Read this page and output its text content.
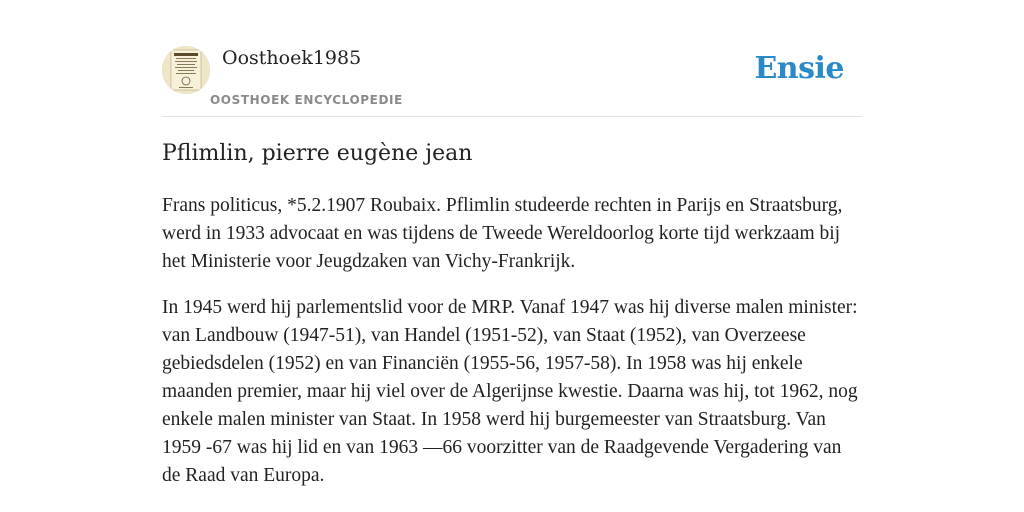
Oosthoek1985
OOSTHOEK ENCYCLOPEDIE
Ensie
Pflimlin, pierre eugène jean

Frans politicus, *5.2.1907 Roubaix. Pflimlin studeerde rechten in Parijs en Straatsburg, werd in 1933 advocaat en was tijdens de Tweede Wereldoorlog korte tijd werkzaam bij het Ministerie voor Jeugdzaken van Vichy-Frankrijk.

In 1945 werd hij parlementslid voor de MRP. Vanaf 1947 was hij diverse malen minister: van Landbouw (1947-51), van Handel (1951-52), van Staat (1952), van Overzeese gebiedsdelen (1952) en van Financiën (1955-56, 1957-58). In 1958 was hij enkele maanden premier, maar hij viel over de Algerijnse kwestie. Daarna was hij, tot 1962, nog enkele malen minister van Staat. In 1958 werd hij burgemeester van Straatsburg. Van 1959 -67 was hij lid en van 1963 —66 voorzitter van de Raadgevende Vergadering van de Raad van Europa.
